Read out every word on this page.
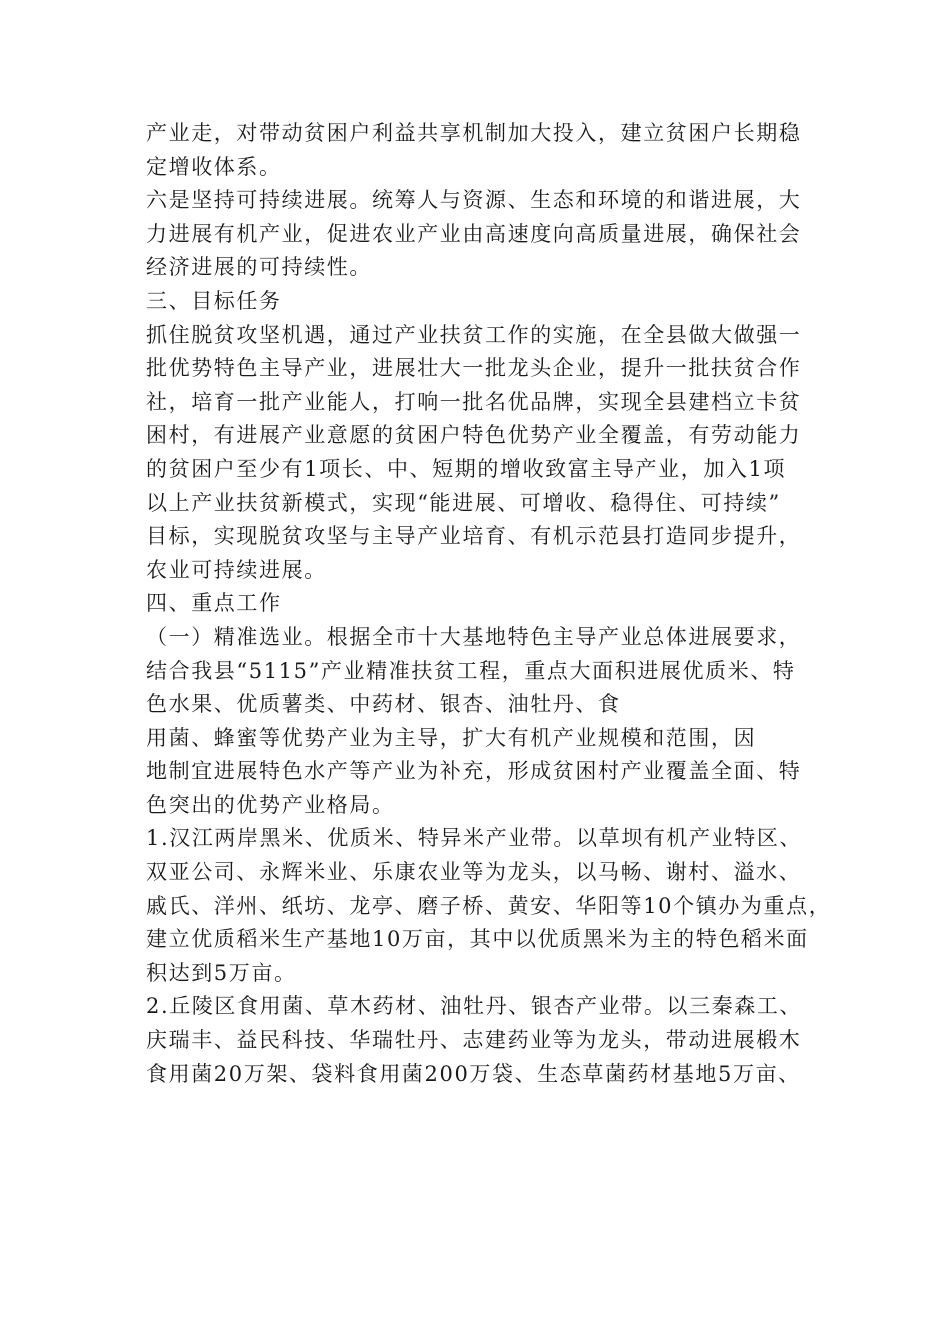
产业走，对带动贫困户利益共享机制加大投入，建立贫困户长期稳
定增收体系。
六是坚持可持续进展。统筹人与资源、生态和环境的和谐进展，大
力进展有机产业，促进农业产业由高速度向高质量进展，确保社会
经济进展的可持续性。
三、目标任务
抓住脱贫攻坚机遇，通过产业扶贫工作的实施，在全县做大做强一
批优势特色主导产业，进展壮大一批龙头企业，提升一批扶贫合作
社，培育一批产业能人，打响一批名优品牌，实现全县建档立卡贫
困村，有进展产业意愿的贫困户特色优势产业全覆盖，有劳动能力
的贫困户至少有1项长、中、短期的增收致富主导产业，加入1项
以上产业扶贫新模式，实现“能进展、可增收、稳得住、可持续”
目标，实现脱贫攻坚与主导产业培育、有机示范县打造同步提升，
农业可持续进展。
四、重点工作
（一）精准选业。根据全市十大基地特色主导产业总体进展要求，
结合我县“5115”产业精准扶贫工程，重点大面积进展优质米、特
色水果、优质薯类、中药材、银杏、油牡丹、食
用菌、蜂蜜等优势产业为主导，扩大有机产业规模和范围，因
地制宜进展特色水产等产业为补充，形成贫困村产业覆盖全面、特
色突出的优势产业格局。
1.汉江两岸黑米、优质米、特异米产业带。以草坝有机产业特区、
双亚公司、永辉米业、乐康农业等为龙头，以马畅、谢村、溢水、
戚氏、洋州、纸坊、龙亭、磨子桥、黄安、华阳等10个镇办为重点，
建立优质稻米生产基地10万亩，其中以优质黑米为主的特色稻米面
积达到5万亩。
2.丘陵区食用菌、草木药材、油牡丹、银杏产业带。以三秦森工、
庆瑞丰、益民科技、华瑞牡丹、志建药业等为龙头，带动进展椴木
食用菌20万架、袋料食用菌200万袋、生态草菌药材基地5万亩、
